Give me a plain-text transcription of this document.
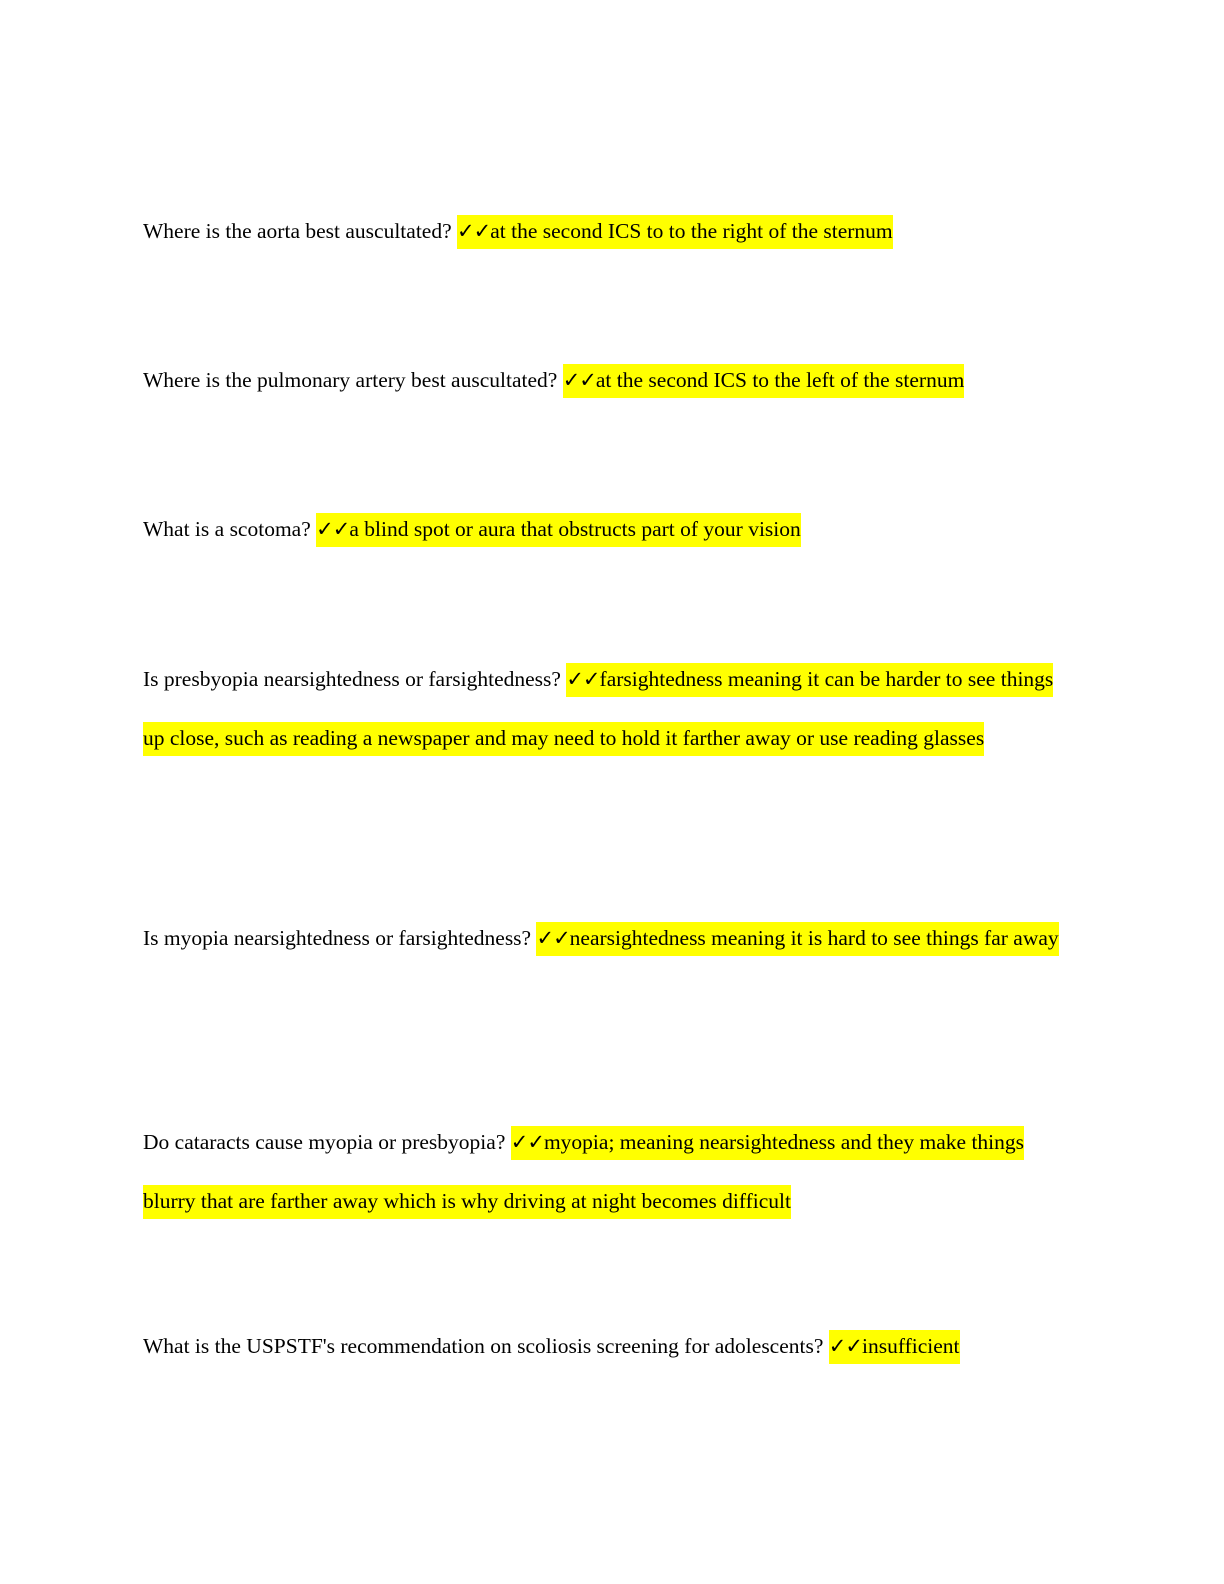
Where is the aorta best auscultated? ✓✓at the second ICS to to the right of the sternum
Where is the pulmonary artery best auscultated? ✓✓at the second ICS to the left of the sternum
What is a scotoma? ✓✓a blind spot or aura that obstructs part of your vision
Is presbyopia nearsightedness or farsightedness? ✓✓farsightedness meaning it can be harder to see things up close, such as reading a newspaper and may need to hold it farther away or use reading glasses
Is myopia nearsightedness or farsightedness? ✓✓nearsightedness meaning it is hard to see things far away
Do cataracts cause myopia or presbyopia? ✓✓myopia; meaning nearsightedness and they make things blurry that are farther away which is why driving at night becomes difficult
What is the USPSTF's recommendation on scoliosis screening for adolescents? ✓✓insufficient
